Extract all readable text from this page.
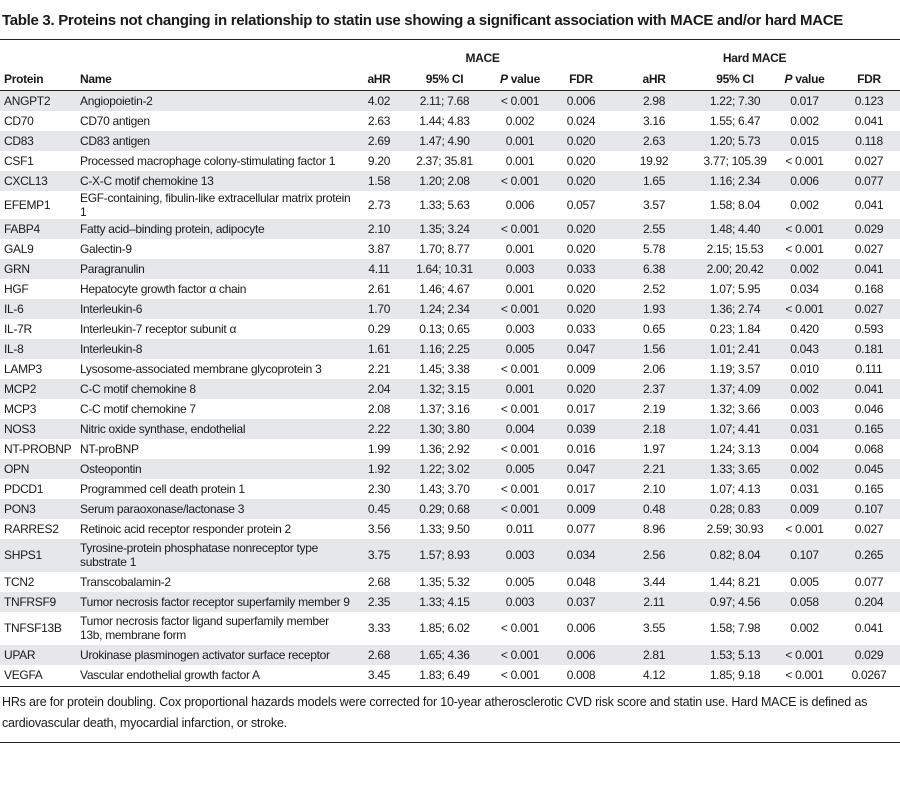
Table 3. Proteins not changing in relationship to statin use showing a significant association with MACE and/or hard MACE
		MACE				Hard MACE			
Protein	Name	aHR	95% CI	P value	FDR	aHR	95% CI	P value	FDR
ANGPT2	Angiopoietin-2	4.02	2.11; 7.68	< 0.001	0.006	2.98	1.22; 7.30	0.017	0.123
CD70	CD70 antigen	2.63	1.44; 4.83	0.002	0.024	3.16	1.55; 6.47	0.002	0.041
CD83	CD83 antigen	2.69	1.47; 4.90	0.001	0.020	2.63	1.20; 5.73	0.015	0.118
CSF1	Processed macrophage colony-stimulating factor 1	9.20	2.37; 35.81	0.001	0.020	19.92	3.77; 105.39	< 0.001	0.027
CXCL13	C-X-C motif chemokine 13	1.58	1.20; 2.08	< 0.001	0.020	1.65	1.16; 2.34	0.006	0.077
EFEMP1	EGF-containing, fibulin-like extracellular matrix protein 1	2.73	1.33; 5.63	0.006	0.057	3.57	1.58; 8.04	0.002	0.041
FABP4	Fatty acid–binding protein, adipocyte	2.10	1.35; 3.24	< 0.001	0.020	2.55	1.48; 4.40	< 0.001	0.029
GAL9	Galectin-9	3.87	1.70; 8.77	0.001	0.020	5.78	2.15; 15.53	< 0.001	0.027
GRN	Paragranulin	4.11	1.64; 10.31	0.003	0.033	6.38	2.00; 20.42	0.002	0.041
HGF	Hepatocyte growth factor α chain	2.61	1.46; 4.67	0.001	0.020	2.52	1.07; 5.95	0.034	0.168
IL-6	Interleukin-6	1.70	1.24; 2.34	< 0.001	0.020	1.93	1.36; 2.74	< 0.001	0.027
IL-7R	Interleukin-7 receptor subunit α	0.29	0.13; 0.65	0.003	0.033	0.65	0.23; 1.84	0.420	0.593
IL-8	Interleukin-8	1.61	1.16; 2.25	0.005	0.047	1.56	1.01; 2.41	0.043	0.181
LAMP3	Lysosome-associated membrane glycoprotein 3	2.21	1.45; 3.38	< 0.001	0.009	2.06	1.19; 3.57	0.010	0.111
MCP2	C-C motif chemokine 8	2.04	1.32; 3.15	0.001	0.020	2.37	1.37; 4.09	0.002	0.041
MCP3	C-C motif chemokine 7	2.08	1.37; 3.16	< 0.001	0.017	2.19	1.32; 3.66	0.003	0.046
NOS3	Nitric oxide synthase, endothelial	2.22	1.30; 3.80	0.004	0.039	2.18	1.07; 4.41	0.031	0.165
NT-PROBNP	NT-proBNP	1.99	1.36; 2.92	< 0.001	0.016	1.97	1.24; 3.13	0.004	0.068
OPN	Osteopontin	1.92	1.22; 3.02	0.005	0.047	2.21	1.33; 3.65	0.002	0.045
PDCD1	Programmed cell death protein 1	2.30	1.43; 3.70	< 0.001	0.017	2.10	1.07; 4.13	0.031	0.165
PON3	Serum paraoxonase/lactonase 3	0.45	0.29; 0.68	< 0.001	0.009	0.48	0.28; 0.83	0.009	0.107
RARRES2	Retinoic acid receptor responder protein 2	3.56	1.33; 9.50	0.011	0.077	8.96	2.59; 30.93	< 0.001	0.027
SHPS1	Tyrosine-protein phosphatase nonreceptor type substrate 1	3.75	1.57; 8.93	0.003	0.034	2.56	0.82; 8.04	0.107	0.265
TCN2	Transcobalamin-2	2.68	1.35; 5.32	0.005	0.048	3.44	1.44; 8.21	0.005	0.077
TNFRSF9	Tumor necrosis factor receptor superfamily member 9	2.35	1.33; 4.15	0.003	0.037	2.11	0.97; 4.56	0.058	0.204
TNFSF13B	Tumor necrosis factor ligand superfamily member 13b, membrane form	3.33	1.85; 6.02	< 0.001	0.006	3.55	1.58; 7.98	0.002	0.041
UPAR	Urokinase plasminogen activator surface receptor	2.68	1.65; 4.36	< 0.001	0.006	2.81	1.53; 5.13	< 0.001	0.029
VEGFA	Vascular endothelial growth factor A	3.45	1.83; 6.49	< 0.001	0.008	4.12	1.85; 9.18	< 0.001	0.0267
HRs are for protein doubling. Cox proportional hazards models were corrected for 10-year atherosclerotic CVD risk score and statin use. Hard MACE is defined as cardiovascular death, myocardial infarction, or stroke.
